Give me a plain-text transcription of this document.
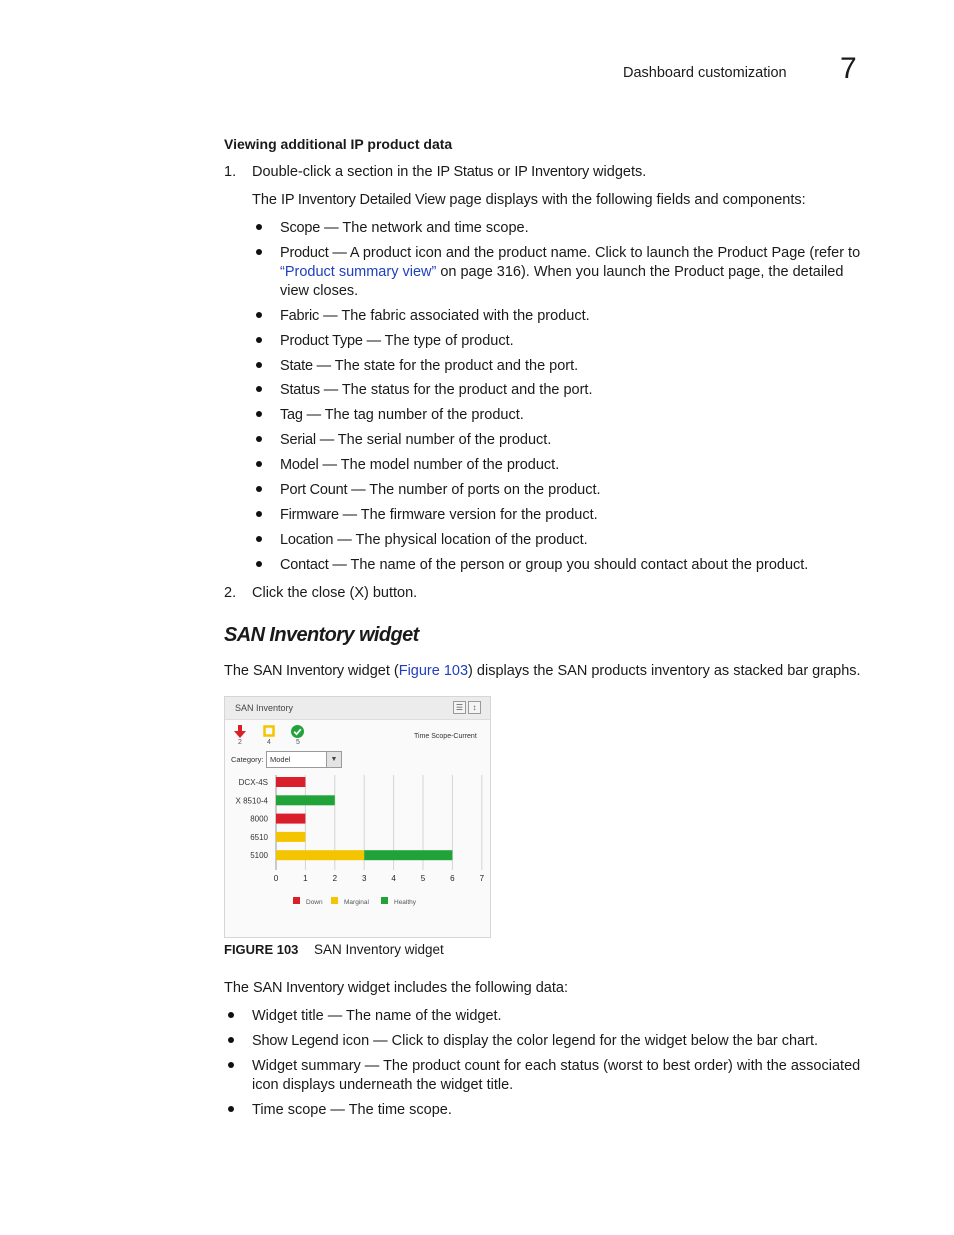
Dashboard customization 7
Viewing additional IP product data
1.	Double-click a section in the IP Status or IP Inventory widgets.
The IP Inventory Detailed View page displays with the following fields and components:
Scope — The network and time scope.
Product — A product icon and the product name. Click to launch the Product Page (refer to
“Product summary view” on page 316). When you launch the Product page, the detailed
view closes.
Fabric — The fabric associated with the product.
Product Type — The type of product.
State — The state for the product and the port.
Status — The status for the product and the port.
Tag — The tag number of the product.
Serial — The serial number of the product.
Model — The model number of the product.
Port Count — The number of ports on the product.
Firmware — The firmware version for the product.
Location — The physical location of the product.
Contact — The name of the person or group you should contact about the product.
2.	Click the close (X) button.
SAN Inventory widget
The SAN Inventory widget (Figure 103) displays the SAN products inventory as stacked bar graphs.
SAN Inventory	☰	↕
2	4	5
Time Scope-Current
Category: Model	▼
DCX-4S
X 8510-4
8000
6510
5100
0	1	2	3	4	5	6	7
Down	Marginal	Healthy
FIGURE 103 SAN Inventory widget
The SAN Inventory widget includes the following data:
Widget title — The name of the widget.
Show Legend icon — Click to display the color legend for the widget below the bar chart.
Widget summary — The product count for each status (worst to best order) with the associated
icon displays underneath the widget title.
Time scope — The time scope.
